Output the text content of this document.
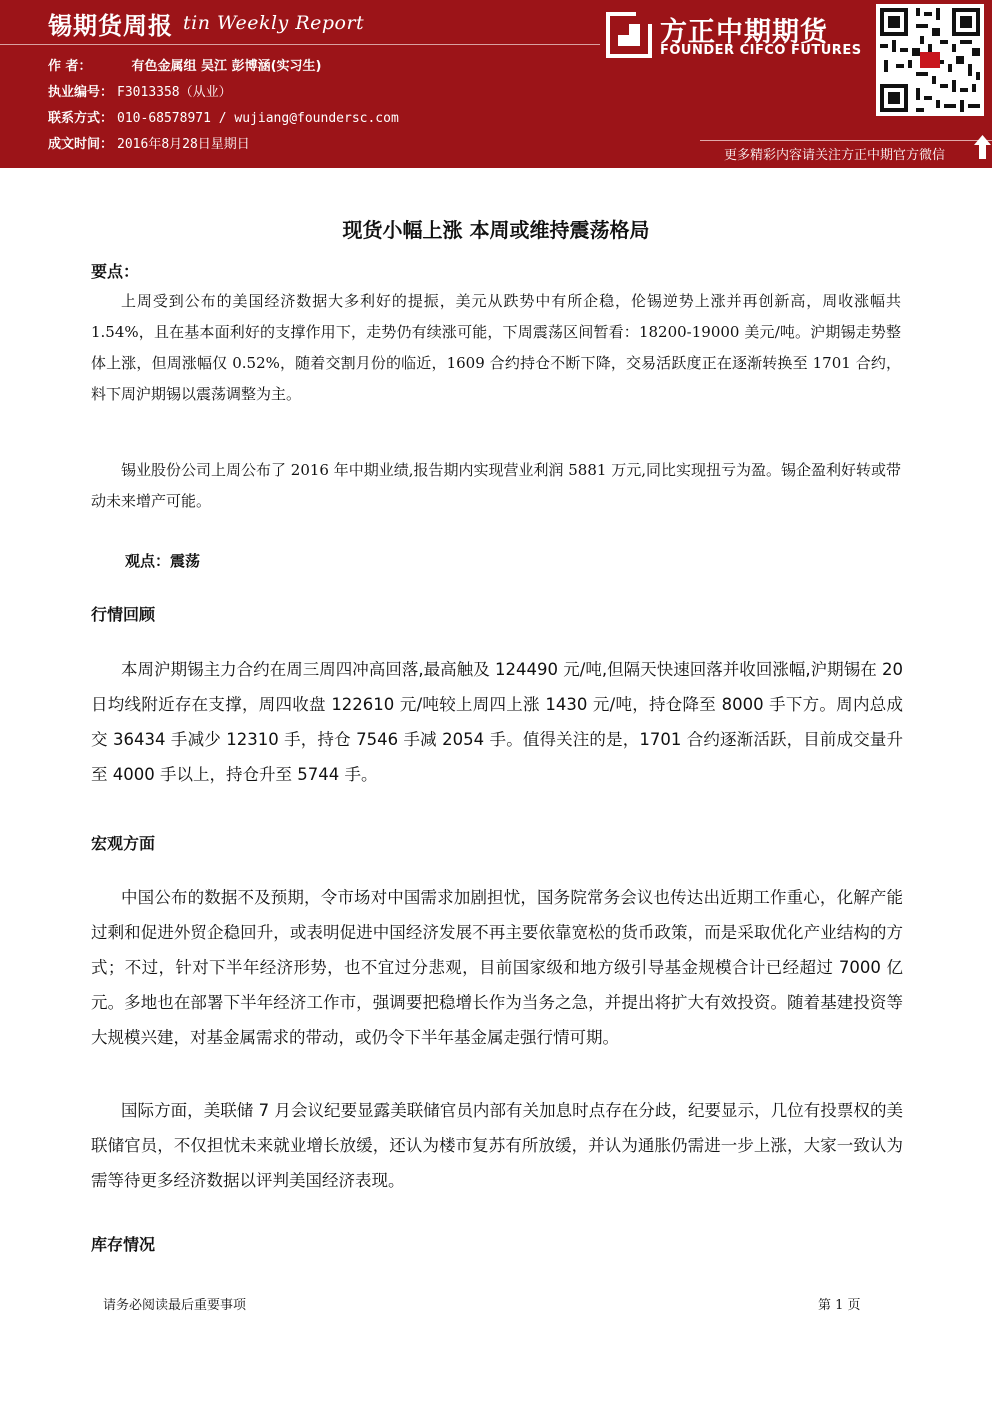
锡期货周报 tin Weekly Report
作 者：	有色金属组 吴江 彭博涵(实习生)
执业编号： F3013358（从业）
联系方式： 010-68578971 / wujiang@foundersc.com
成文时间： 2016年8月28日星期日
方正中期期货
FOUNDER CIFCO FUTURES
更多精彩内容请关注方正中期官方微信
现货小幅上涨 本周或维持震荡格局
要点：

上周受到公布的美国经济数据大多利好的提振，美元从跌势中有所企稳，伦锡逆势上涨并再创新高，周收涨幅共 1.54%，且在基本面利好的支撑作用下，走势仍有续涨可能，下周震荡区间暂看：18200-19000 美元/吨。沪期锡走势整体上涨，但周涨幅仅 0.52%，随着交割月份的临近，1609 合约持仓不断下降，交易活跃度正在逐渐转换至 1701 合约，料下周沪期锡以震荡调整为主。

锡业股份公司上周公布了 2016 年中期业绩,报告期内实现营业利润 5881 万元,同比实现扭亏为盈。锡企盈利好转或带动未来增产可能。

观点：震荡
行情回顾

本周沪期锡主力合约在周三周四冲高回落,最高触及 124490 元/吨,但隔天快速回落并收回涨幅,沪期锡在 20 日均线附近存在支撑，周四收盘 122610 元/吨较上周四上涨 1430 元/吨，持仓降至 8000 手下方。周内总成交 36434 手减少 12310 手，持仓 7546 手减 2054 手。值得关注的是，1701 合约逐渐活跃，目前成交量升至 4000 手以上，持仓升至 5744 手。

宏观方面

中国公布的数据不及预期，令市场对中国需求加剧担忧，国务院常务会议也传达出近期工作重心，化解产能过剩和促进外贸企稳回升，或表明促进中国经济发展不再主要依靠宽松的货币政策，而是采取优化产业结构的方式；不过，针对下半年经济形势，也不宜过分悲观，目前国家级和地方级引导基金规模合计已经超过 7000 亿元。多地也在部署下半年经济工作市，强调要把稳增长作为当务之急，并提出将扩大有效投资。随着基建投资等大规模兴建，对基金属需求的带动，或仍令下半年基金属走强行情可期。

国际方面，美联储 7 月会议纪要显露美联储官员内部有关加息时点存在分歧，纪要显示，几位有投票权的美联储官员，不仅担忧未来就业增长放缓，还认为楼市复苏有所放缓，并认为通胀仍需进一步上涨，大家一致认为需等待更多经济数据以评判美国经济表现。

库存情况
请务必阅读最后重要事项	第 1 页
